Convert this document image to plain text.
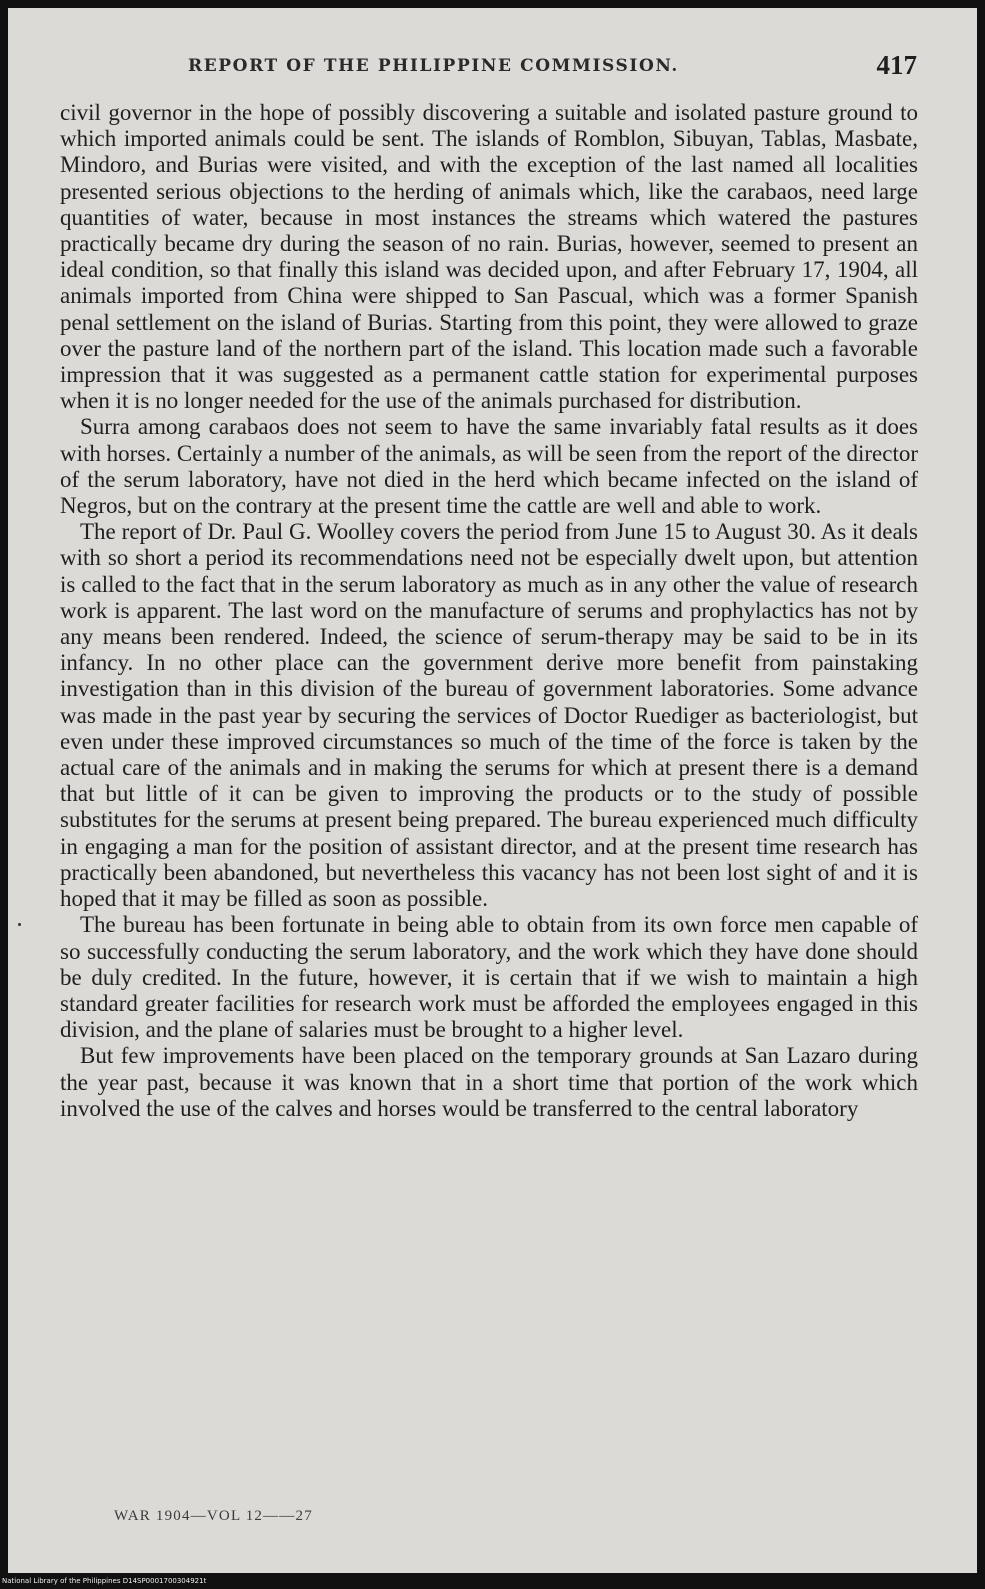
REPORT OF THE PHILIPPINE COMMISSION.	417

civil governor in the hope of possibly discovering a suitable and isolated pasture ground to which imported animals could be sent. The islands of Romblon, Sibuyan, Tablas, Masbate, Mindoro, and Burias were visited, and with the exception of the last named all localities presented serious objections to the herding of animals which, like the carabaos, need large quantities of water, because in most instances the streams which watered the pastures practically became dry during the season of no rain. Burias, however, seemed to present an ideal condition, so that finally this island was decided upon, and after February 17, 1904, all animals imported from China were shipped to San Pascual, which was a former Spanish penal settlement on the island of Burias. Starting from this point, they were allowed to graze over the pasture land of the northern part of the island. This location made such a favorable impression that it was suggested as a permanent cattle station for experimental purposes when it is no longer needed for the use of the animals purchased for distribution.

Surra among carabaos does not seem to have the same invariably fatal results as it does with horses. Certainly a number of the animals, as will be seen from the report of the director of the serum laboratory, have not died in the herd which became infected on the island of Negros, but on the contrary at the present time the cattle are well and able to work.

The report of Dr. Paul G. Woolley covers the period from June 15 to August 30. As it deals with so short a period its recommendations need not be especially dwelt upon, but attention is called to the fact that in the serum laboratory as much as in any other the value of research work is apparent. The last word on the manufacture of serums and prophylactics has not by any means been rendered. Indeed, the science of serum-therapy may be said to be in its infancy. In no other place can the government derive more benefit from painstaking investigation than in this division of the bureau of government laboratories. Some advance was made in the past year by securing the services of Doctor Ruediger as bacteriologist, but even under these improved circumstances so much of the time of the force is taken by the actual care of the animals and in making the serums for which at present there is a demand that but little of it can be given to improving the products or to the study of possible substitutes for the serums at present being prepared. The bureau experienced much difficulty in engaging a man for the position of assistant director, and at the present time research has practically been abandoned, but nevertheless this vacancy has not been lost sight of and it is hoped that it may be filled as soon as possible.

The bureau has been fortunate in being able to obtain from its own force men capable of so successfully conducting the serum laboratory, and the work which they have done should be duly credited. In the future, however, it is certain that if we wish to maintain a high standard greater facilities for research work must be afforded the employees engaged in this division, and the plane of salaries must be brought to a higher level.

But few improvements have been placed on the temporary grounds at San Lazaro during the year past, because it was known that in a short time that portion of the work which involved the use of the calves and horses would be transferred to the central laboratory

WAR 1904—VOL 12——27
National Library of the Philippines D14SP0001700304921t
